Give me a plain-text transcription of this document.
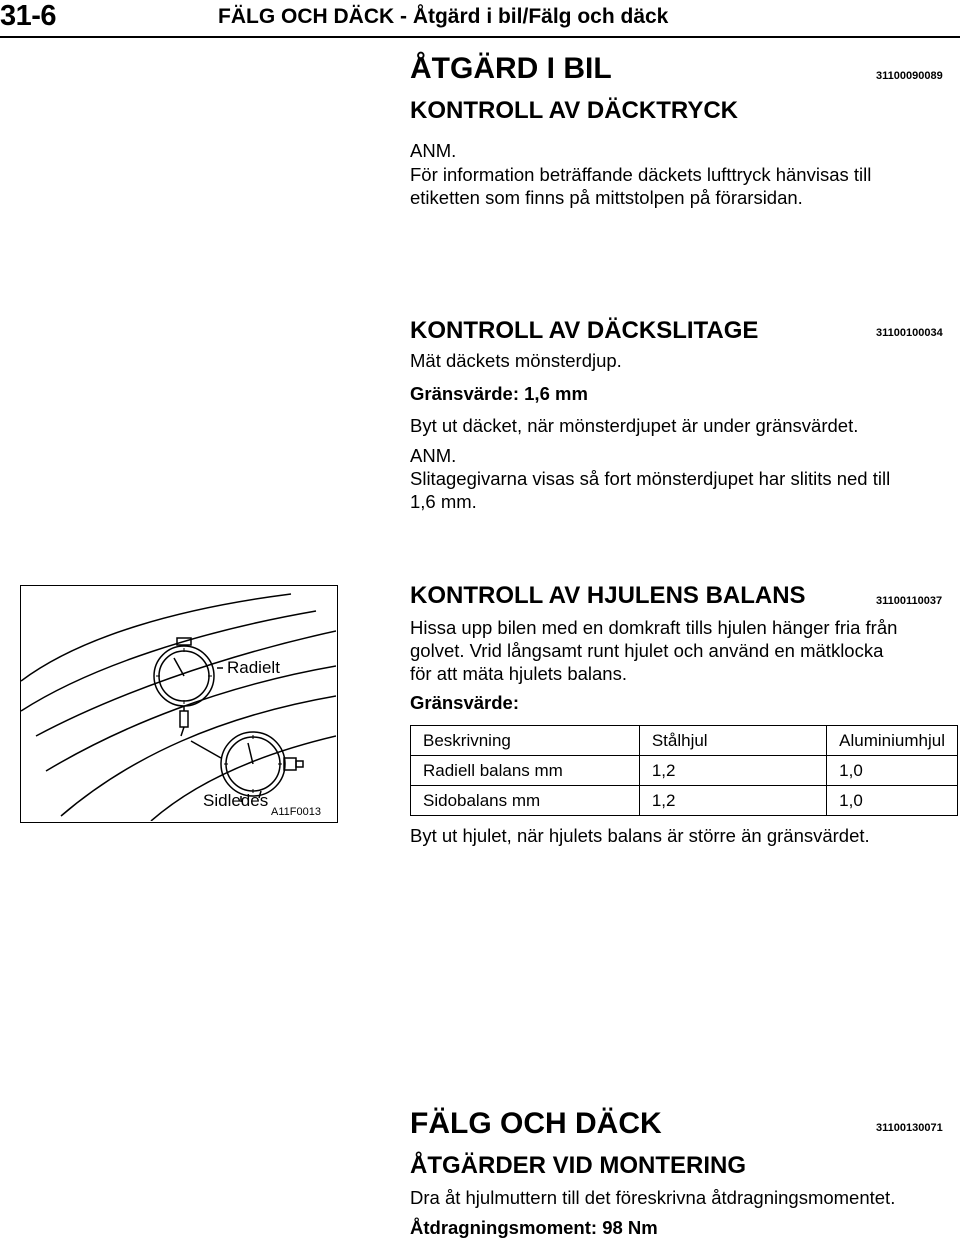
31-6	FÄLG OCH DÄCK - Åtgärd i bil/Fälg och däck
ÅTGÄRD I BIL	31100090089
KONTROLL AV DÄCKTRYCK
ANM.
För information beträffande däckets lufttryck hänvisas till
etiketten som finns på mittstolpen på förarsidan.
KONTROLL AV DÄCKSLITAGE	31100100034
Mät däckets mönsterdjup.
Gränsvärde: 1,6 mm
Byt ut däcket, när mönsterdjupet är under gränsvärdet.
ANM.
Slitagegivarna visas så fort mönsterdjupet har slitits ned till
1,6 mm.
Radielt
Sidledes
A11F0013
KONTROLL AV HJULENS BALANS	31100110037
Hissa upp bilen med en domkraft tills hjulen hänger fria från
golvet. Vrid långsamt runt hjulet och använd en mätklocka
för att mäta hjulets balans.
Gränsvärde:
Beskrivning	Stålhjul	Aluminiumhjul
Radiell balans mm	1,2	1,0
Sidobalans mm	1,2	1,0
Byt ut hjulet, när hjulets balans är större än gränsvärdet.
FÄLG OCH DÄCK	31100130071
ÅTGÄRDER VID MONTERING
Dra åt hjulmuttern till det föreskrivna åtdragningsmomentet.
Åtdragningsmoment: 98 Nm
